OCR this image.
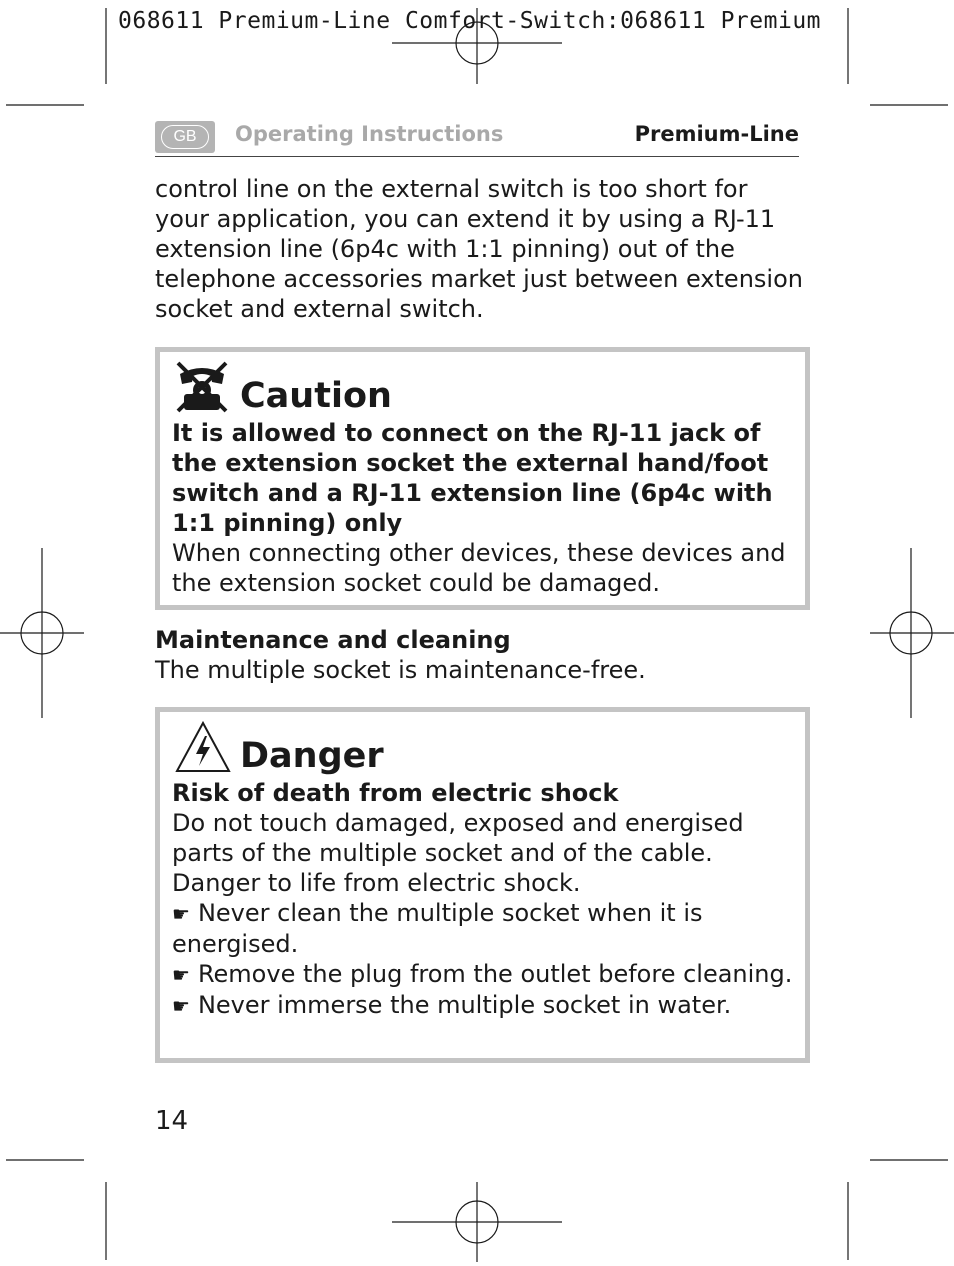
068611 Premium-Line Comfort-Switch:068611 Premium
GB	Operating Instructions	Premium-Line

control line on the external switch is too short for your application, you can extend it by using a RJ-11 extension line (6p4c with 1:1 pinning) out of the telephone accessories market just between extension socket and external switch.

Caution
It is allowed to connect on the RJ-11 jack of the extension socket the external hand/foot switch and a RJ-11 extension line (6p4c with 1:1 pinning) only
When connecting other devices, these devices and the extension socket could be damaged.
Maintenance and cleaning
The multiple socket is maintenance-free.
Danger
Risk of death from electric shock
Do not touch damaged, exposed and energised parts of the multiple socket and of the cable. Danger to life from electric shock.
☛ Never clean the multiple socket when it is energised.
☛ Remove the plug from the outlet before cleaning.
☛ Never immerse the multiple socket in water.
14
